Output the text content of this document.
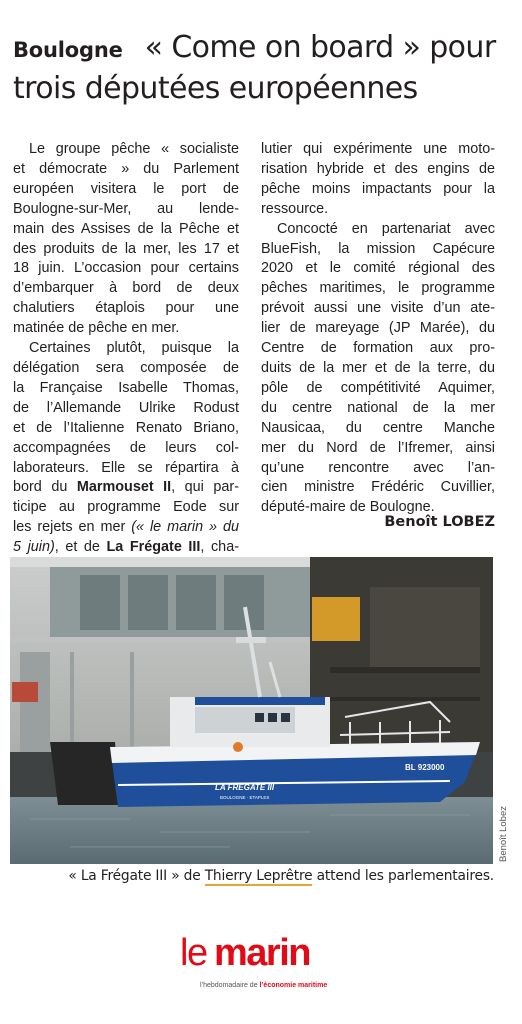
Boulogne « Come on board » pour
trois députées européennes

Le groupe pêche « socialiste
et démocrate » du Parlement
européen visitera le port de
Boulogne-sur-Mer, au lende-
main des Assises de la Pêche et
des produits de la mer, les 17 et
18 juin. L’occasion pour certains
d’embarquer à bord de deux
chalutiers étaplois pour une
matinée de pêche en mer.

Certaines plutôt, puisque la
délégation sera composée de
la Française Isabelle Thomas,
de l’Allemande Ulrike Rodust
et de l’Italienne Renato Briano,
accompagnées de leurs col-
laborateurs. Elle se répartira à
bord du Marmouset II, qui par-
ticipe au programme Eode sur
les rejets en mer (« le marin » du
5 juin), et de La Frégate III, cha-

lutier qui expérimente une moto-
risation hybride et des engins de
pêche moins impactants pour la
ressource.

Concocté en partenariat avec
BlueFish, la mission Capécure
2020 et le comité régional des
pêches maritimes, le programme
prévoit aussi une visite d’un ate-
lier de mareyage (JP Marée), du
Centre de formation aux pro-
duits de la mer et de la terre, du
pôle de compétitivité Aquimer,
du centre national de la mer
Nausicaa, du centre Manche
mer du Nord de l’Ifremer, ainsi
qu’une rencontre avec l’an-
cien ministre Frédéric Cuvillier,
député-maire de Boulogne.

Benoît LOBEZ
LA FRÉGATE III
BOULOGNE · ETAPLES
BL 923000
Benoît Lobez
« La Frégate III » de Thierry Leprêtre attend les parlementaires.
le marin
l’hebdomadaire de l’économie maritime
